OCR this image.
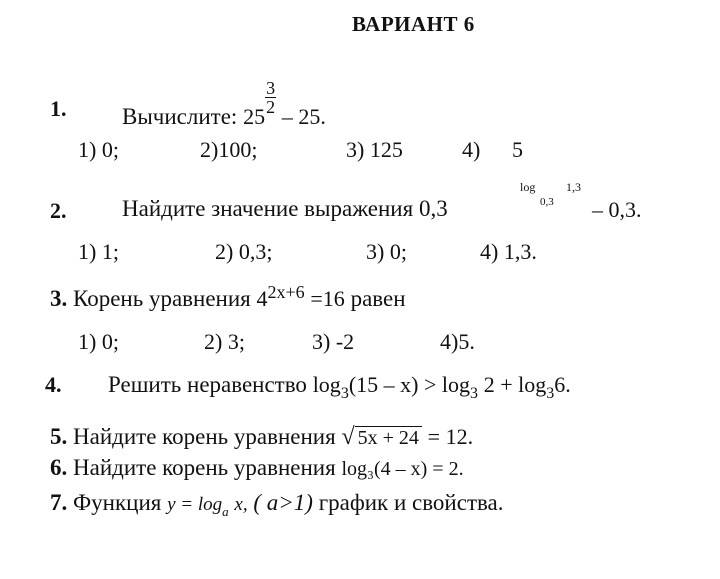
ВАРИАНТ 6
1. Вычислите: 25
$\frac{3}{2}$
– 25.
1) 0;	2)100;	3) 125	4) 5
2. Найдите значение выражения 0,3
log
0,3
1,3
– 0,3.
1) 1;	2) 0,3;	3) 0;	4) 1,3.
3. Корень уравнения $4^{2x+6} =16$ равен
1) 0;	2) 3;	3) -2	4)5.
4. Решить неравенство $\log_3(15 - x) > \log_3 2 + \log_36$.
5. Найдите корень уравнения √ 5x + 24 = 12.
6. Найдите корень уравнения log₃(4 – x) = 2.
7. Функция $y = \log_a x$, ( a>1) график и свойства.
